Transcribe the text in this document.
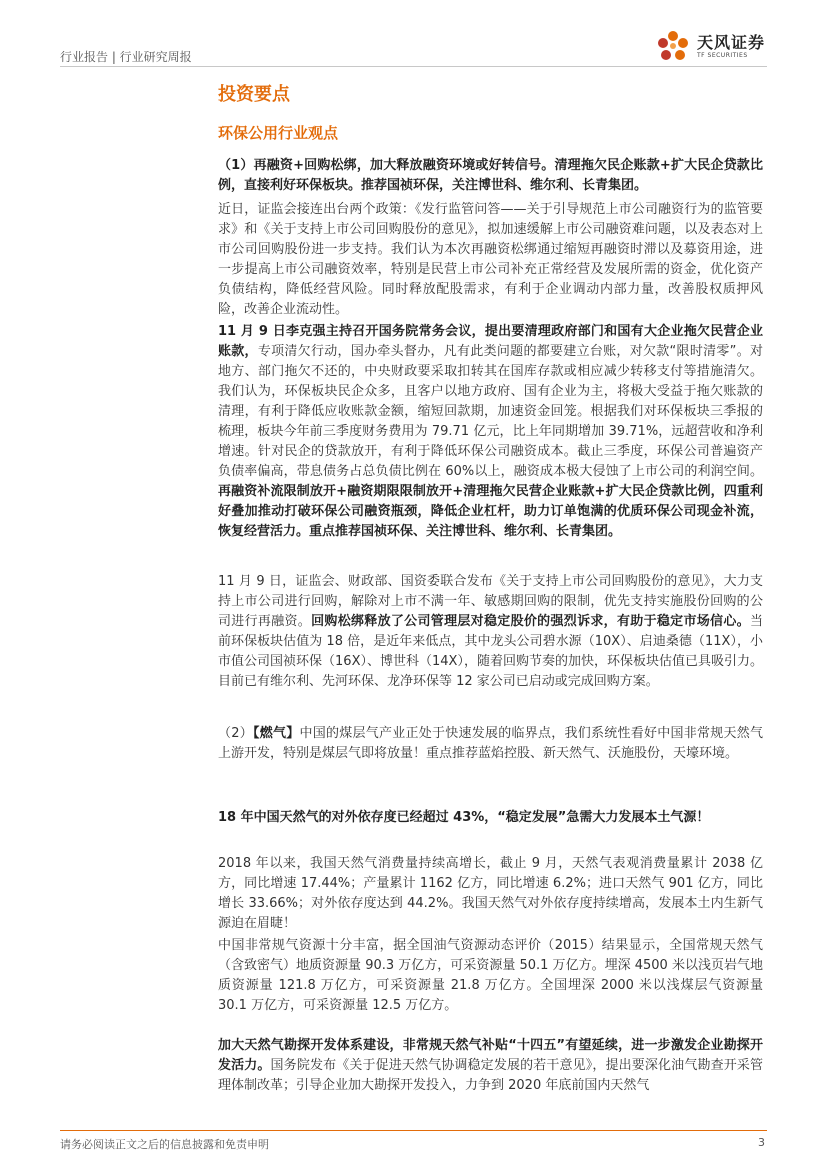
行业报告 | 行业研究周报
天风证券
TF SECURITIES
投资要点
环保公用行业观点

（1）再融资+回购松绑，加大释放融资环境或好转信号。清理拖欠民企账款+扩大民企贷款比例，直接利好环保板块。推荐国祯环保，关注博世科、维尔利、长青集团。

近日，证监会接连出台两个政策：《发行监管问答——关于引导规范上市公司融资行为的监管要求》和《关于支持上市公司回购股份的意见》，拟加速缓解上市公司融资难问题，以及表态对上市公司回购股份进一步支持。我们认为本次再融资松绑通过缩短再融资时滞以及募资用途，进一步提高上市公司融资效率，特别是民营上市公司补充正常经营及发展所需的资金，优化资产负债结构，降低经营风险。同时释放配股需求，有利于企业调动内部力量，改善股权质押风险，改善企业流动性。

11 月 9 日李克强主持召开国务院常务会议，提出要清理政府部门和国有大企业拖欠民营企业账款，专项清欠行动，国办牵头督办，凡有此类问题的都要建立台账，对欠款“限时清零”。对地方、部门拖欠不还的，中央财政要采取扣转其在国库存款或相应减少转移支付等措施清欠。我们认为，环保板块民企众多，且客户以地方政府、国有企业为主，将极大受益于拖欠账款的清理，有利于降低应收账款金额，缩短回款期，加速资金回笼。根据我们对环保板块三季报的梳理，板块今年前三季度财务费用为 79.71 亿元，比上年同期增加 39.71%，远超营收和净利增速。针对民企的贷款放开，有利于降低环保公司融资成本。截止三季度，环保公司普遍资产负债率偏高，带息债务占总负债比例在 60%以上，融资成本极大侵蚀了上市公司的利润空间。再融资补流限制放开+融资期限限制放开+清理拖欠民营企业账款+扩大民企贷款比例，四重利好叠加推动打破环保公司融资瓶颈，降低企业杠杆，助力订单饱满的优质环保公司现金补流，恢复经营活力。重点推荐国祯环保、关注博世科、维尔利、长青集团。

11 月 9 日，证监会、财政部、国资委联合发布《关于支持上市公司回购股份的意见》，大力支持上市公司进行回购，解除对上市不满一年、敏感期回购的限制，优先支持实施股份回购的公司进行再融资。回购松绑释放了公司管理层对稳定股价的强烈诉求，有助于稳定市场信心。当前环保板块估值为 18 倍，是近年来低点，其中龙头公司碧水源（10X）、启迪桑德（11X），小市值公司国祯环保（16X）、博世科（14X），随着回购节奏的加快，环保板块估值已具吸引力。目前已有维尔利、先河环保、龙净环保等 12 家公司已启动或完成回购方案。

（2）【燃气】中国的煤层气产业正处于快速发展的临界点，我们系统性看好中国非常规天然气上游开发，特别是煤层气即将放量！重点推荐蓝焰控股、新天然气、沃施股份，天壕环境。

18 年中国天然气的对外依存度已经超过 43%，“稳定发展”急需大力发展本土气源！

2018 年以来，我国天然气消费量持续高增长，截止 9 月，天然气表观消费量累计 2038 亿方，同比增速 17.44%；产量累计 1162 亿方，同比增速 6.2%；进口天然气 901 亿方，同比增长 33.66%；对外依存度达到 44.2%。我国天然气对外依存度持续增高，发展本土内生新气源迫在眉睫！

中国非常规气资源十分丰富，据全国油气资源动态评价（2015）结果显示，全国常规天然气（含致密气）地质资源量 90.3 万亿方，可采资源量 50.1 万亿方。埋深 4500 米以浅页岩气地质资源量 121.8 万亿方，可采资源量 21.8 万亿方。全国埋深 2000 米以浅煤层气资源量 30.1 万亿方，可采资源量 12.5 万亿方。

加大天然气勘探开发体系建设，非常规天然气补贴“十四五”有望延续，进一步激发企业勘探开发活力。国务院发布《关于促进天然气协调稳定发展的若干意见》，提出要深化油气勘查开采管理体制改革；引导企业加大勘探开发投入，力争到 2020 年底前国内天然气

请务必阅读正文之后的信息披露和免责申明	3
